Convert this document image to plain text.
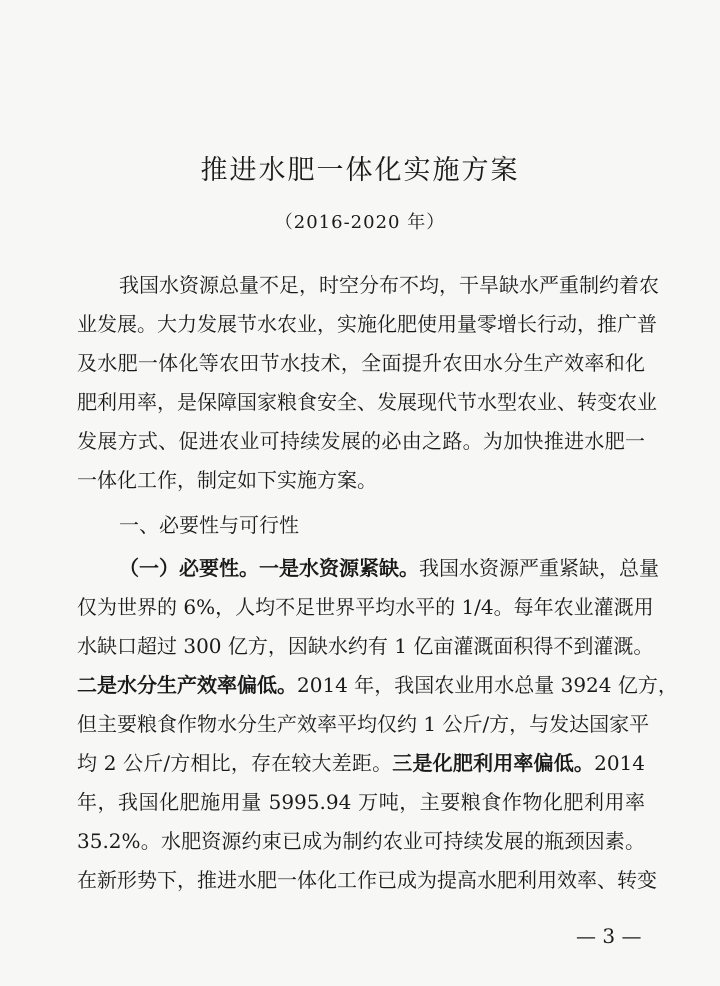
推进水肥一体化实施方案
（2016-2020 年）
我国水资源总量不足，时空分布不均，干旱缺水严重制约着农
业发展。大力发展节水农业，实施化肥使用量零增长行动，推广普
及水肥一体化等农田节水技术，全面提升农田水分生产效率和化
肥利用率，是保障国家粮食安全、发展现代节水型农业、转变农业
发展方式、促进农业可持续发展的必由之路。为加快推进水肥一
一体化工作，制定如下实施方案。
一、必要性与可行性
（一）必要性。一是水资源紧缺。我国水资源严重紧缺，总量
仅为世界的 6%，人均不足世界平均水平的 1/4。每年农业灌溉用
水缺口超过 300 亿方，因缺水约有 1 亿亩灌溉面积得不到灌溉。
二是水分生产效率偏低。2014 年，我国农业用水总量 3924 亿方，
但主要粮食作物水分生产效率平均仅约 1 公斤/方，与发达国家平
均 2 公斤/方相比，存在较大差距。三是化肥利用率偏低。2014
年，我国化肥施用量 5995.94 万吨，主要粮食作物化肥利用率
35.2%。水肥资源约束已成为制约农业可持续发展的瓶颈因素。
在新形势下，推进水肥一体化工作已成为提高水肥利用效率、转变
— 3 —
